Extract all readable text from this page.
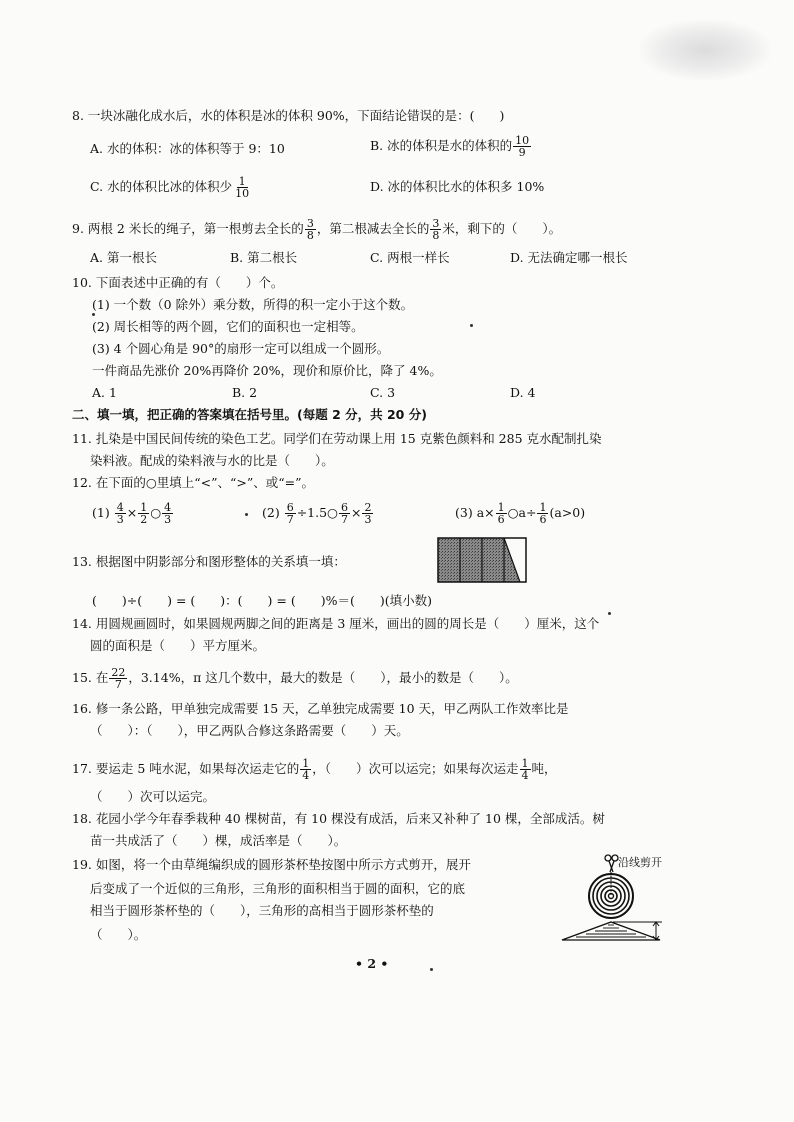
8. 一块冰融化成水后，水的体积是冰的体积 90%，下面结论错误的是：(　　)
A. 水的体积：冰的体积等于 9：10	B. 冰的体积是水的体积的 $\frac{10}{9}$
C. 水的体积比冰的体积少 $\frac{1}{10}$	D. 冰的体积比水的体积多 10%
9. 两根 2 米长的绳子，第一根剪去全长的 $\frac{3}{8}$ ，第二根减去全长的 $\frac{3}{8}$ 米，剩下的（　　）。
A. 第一根长	B. 第二根长	C. 两根一样长	D. 无法确定哪一根长
10. 下面表述中正确的有（　　）个。
(1) 一个数（0 除外）乘分数，所得的积一定小于这个数。
(2) 周长相等的两个圆，它们的面积也一定相等。
(3) 4 个圆心角是 90°的扇形一定可以组成一个圆形。
一件商品先涨价 20%再降价 20%，现价和原价比，降了 4%。
A. 1	B. 2	C. 3	D. 4
二、填一填，把正确的答案填在括号里。(每题 2 分，共 20 分)
11. 扎染是中国民间传统的染色工艺。同学们在劳动课上用 15 克紫色颜料和 285 克水配制扎染
染料液。配成的染料液与水的比是（　　）。
12. 在下面的○里填上“<”、“>”、或“=”。
$(1) \frac{4}{3} \times \frac{1}{2}$ ○ $\frac{4}{3}$	$(2) \frac{6}{7}$ ÷1.5○ $\frac{6}{7} \times \frac{2}{3}$	(3) $a\times \frac{1}{6}$ ○a÷ $\frac{1}{6} (a>0)$
13. 根据图中阴影部分和图形整体的关系填一填：
(　　)÷(　　) = (　　)：(　　) = (　　)%＝(　　)(填小数)
14. 用圆规画圆时，如果圆规两脚之间的距离是 3 厘米，画出的圆的周长是（　　）厘米，这个
圆的面积是（　　）平方厘米。
15. 在 $\frac{22}{7}$ ，3.14%，π 这几个数中，最大的数是（　　），最小的数是（　　）。
16. 修一条公路，甲单独完成需要 15 天，乙单独完成需要 10 天，甲乙两队工作效率比是
（　　）：（　　），甲乙两队合修这条路需要（　　）天。
17. 要运走 5 吨水泥，如果每次运走它的 $\frac{1}{4}$ ，（　　）次可以运完；如果每次运走 $\frac{1}{4}$ 吨，
（　　）次可以运完。
18. 花园小学今年春季栽种 40 棵树苗，有 10 棵没有成活，后来又补种了 10 棵，全部成活。树
苗一共成活了（　　）棵，成活率是（　　）。
19. 如图，将一个由草绳编织成的圆形茶杯垫按图中所示方式剪开，展开
后变成了一个近似的三角形，三角形的面积相当于圆的面积，它的底
相当于圆形茶杯垫的（　　），三角形的高相当于圆形茶杯垫的
（　　）。
沿线剪开
• 2 •
